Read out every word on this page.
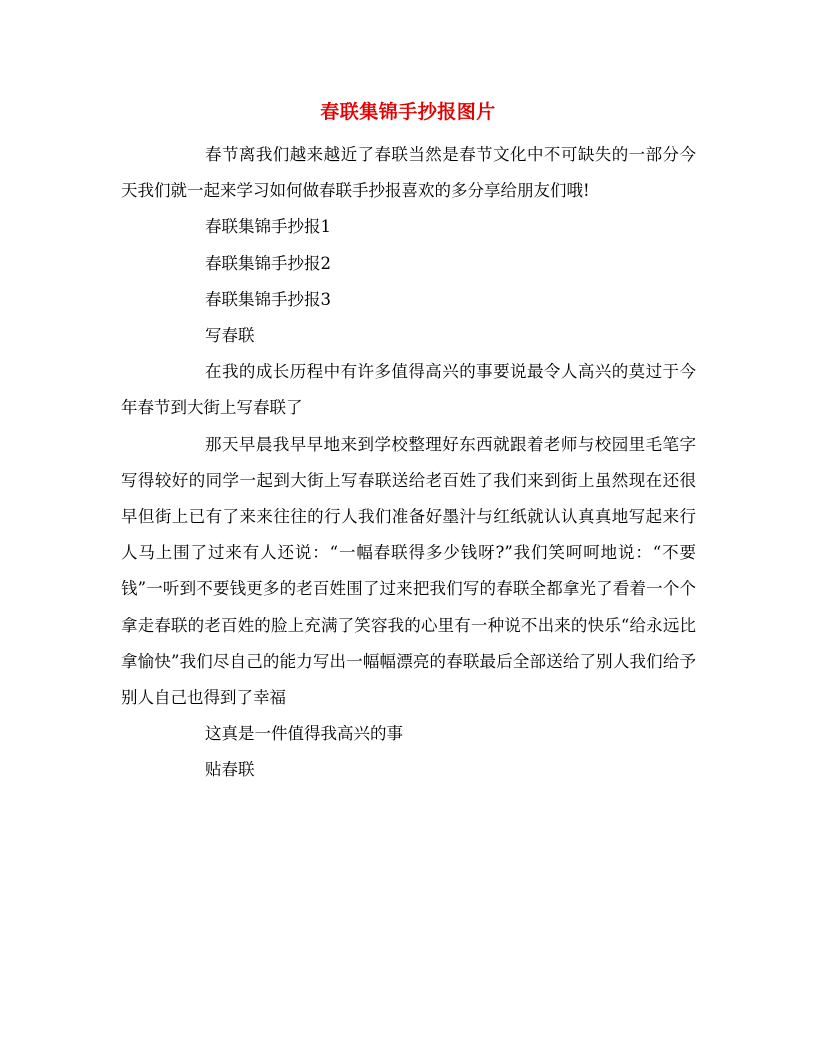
春联集锦手抄报图片

春节离我们越来越近了春联当然是春节文化中不可缺失的一部分今天我们就一起来学习如何做春联手抄报喜欢的多分享给朋友们哦!

春联集锦手抄报1

春联集锦手抄报2

春联集锦手抄报3

写春联

在我的成长历程中有许多值得高兴的事要说最令人高兴的莫过于今年春节到大街上写春联了

那天早晨我早早地来到学校整理好东西就跟着老师与校园里毛笔字写得较好的同学一起到大街上写春联送给老百姓了我们来到街上虽然现在还很早但街上已有了来来往往的行人我们准备好墨汁与红纸就认认真真地写起来行人马上围了过来有人还说：“一幅春联得多少钱呀?”我们笑呵呵地说：“不要钱”一听到不要钱更多的老百姓围了过来把我们写的春联全都拿光了看着一个个拿走春联的老百姓的脸上充满了笑容我的心里有一种说不出来的快乐“给永远比拿愉快”我们尽自己的能力写出一幅幅漂亮的春联最后全部送给了别人我们给予别人自己也得到了幸福

这真是一件值得我高兴的事

贴春联
